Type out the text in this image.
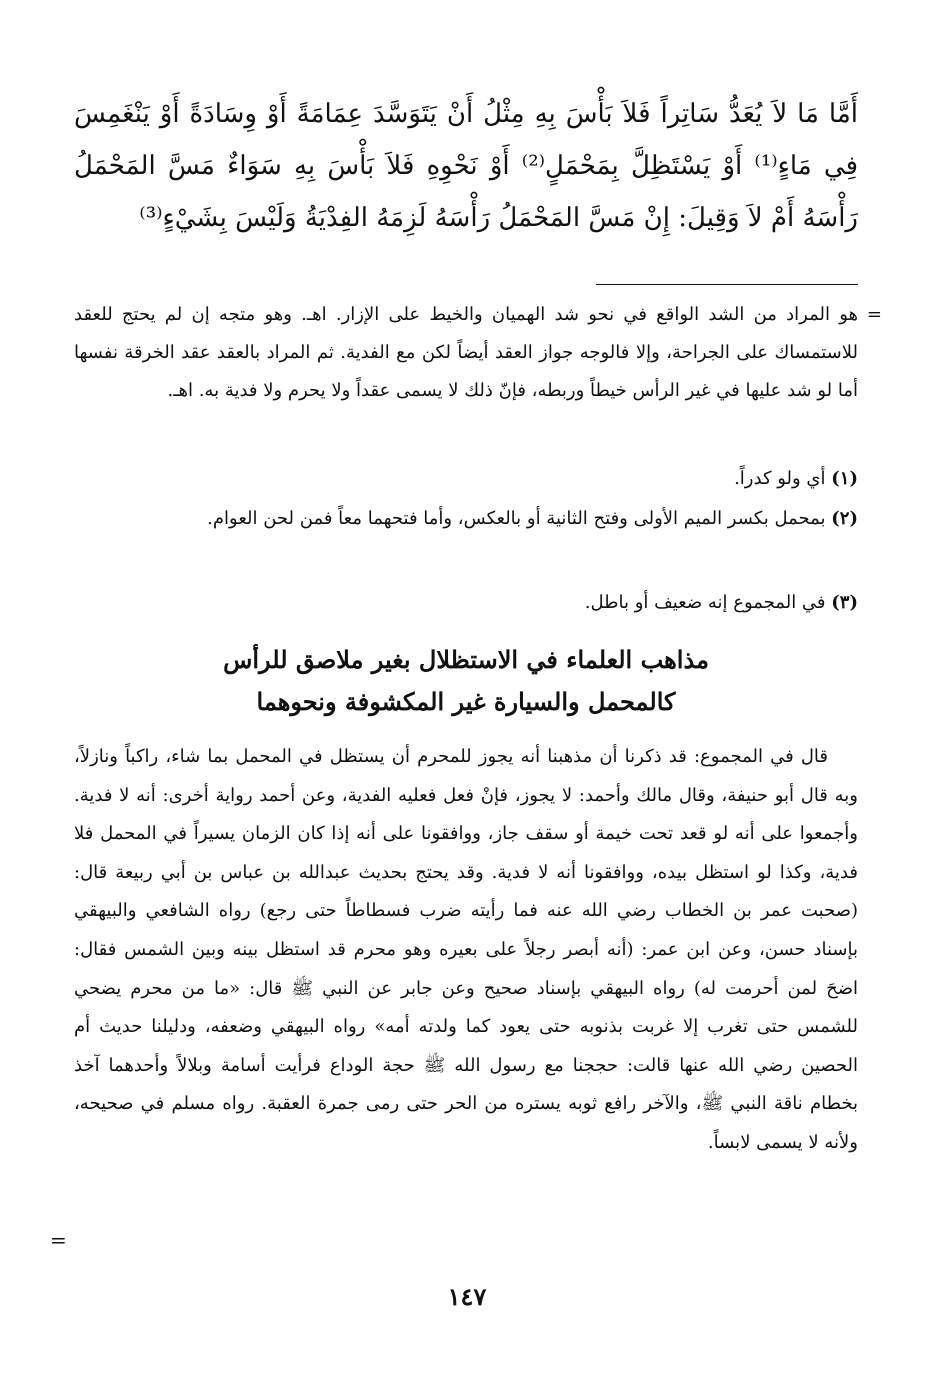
أَمَّا مَا لاَ يُعَدُّ سَاتِراً فَلاَ بَأْسَ بِهِ مِثْلُ أَنْ يَتَوَسَّدَ عِمَامَةً أَوْ وِسَادَةً أَوْ يَنْغَمِسَ فِي مَاءٍ⁽¹⁾ أَوْ يَسْتَظِلَّ بِمَحْمَلٍ⁽²⁾ أَوْ نَحْوِهِ فَلاَ بَأْسَ بِهِ سَوَاءٌ مَسَّ المَحْمَلُ رَأْسَهُ أَمْ لاَ وَقِيلَ: إِنْ مَسَّ المَحْمَلُ رَأْسَهُ لَزِمَهُ الفِدْيَةُ وَلَيْسَ بِشَيْءٍ⁽³⁾
=
هو المراد من الشد الواقع في نحو شد الهميان والخيط على الإزار. اهـ. وهو متجه إن لم يحتج للعقد للاستمساك على الجراحة، وإلا فالوجه جواز العقد أيضاً لكن مع الفدية. ثم المراد بالعقد عقد الخرقة نفسها أما لو شد عليها في غير الرأس خيطاً وربطه، فإنّ ذلك لا يسمى عقداً ولا يحرم ولا فدية به. اهـ.
(١) أي ولو كدراً.
(٢) بمحمل بكسر الميم الأولى وفتح الثانية أو بالعكس، وأما فتحهما معاً فمن لحن العوام.
(٣) في المجموع إنه ضعيف أو باطل.
مذاهب العلماء في الاستظلال بغير ملاصق للرأس
كالمحمل والسيارة غير المكشوفة ونحوهما
قال في المجموع: قد ذكرنا أن مذهبنا أنه يجوز للمحرم أن يستظل في المحمل بما شاء، راكباً ونازلاً، وبه قال أبو حنيفة، وقال مالك وأحمد: لا يجوز، فإنْ فعل فعليه الفدية، وعن أحمد رواية أخرى: أنه لا فدية. وأجمعوا على أنه لو قعد تحت خيمة أو سقف جاز، ووافقونا على أنه إذا كان الزمان يسيراً في المحمل فلا فدية، وكذا لو استظل بيده، ووافقونا أنه لا فدية. وقد يحتج بحديث عبدالله بن عباس بن أبي ربيعة قال: (صحبت عمر بن الخطاب رضي الله عنه فما رأيته ضرب فسطاطاً حتى رجع) رواه الشافعي والبيهقي بإسناد حسن، وعن ابن عمر: (أنه أبصر رجلاً على بعيره وهو محرم قد استظل بينه وبين الشمس فقال: اضحَ لمن أحرمت له) رواه البيهقي بإسناد صحيح وعن جابر عن النبي ﷺ قال: «ما من محرم يضحي للشمس حتى تغرب إلا غربت بذنوبه حتى يعود كما ولدته أمه» رواه البيهقي وضعفه، ودليلنا حديث أم الحصين رضي الله عنها قالت: حججنا مع رسول الله ﷺ حجة الوداع فرأيت أسامة وبلالاً وأحدهما آخذ بخطام ناقة النبي ﷺ، والآخر رافع ثوبه يستره من الحر حتى رمى جمرة العقبة. رواه مسلم في صحيحه، ولأنه لا يسمى لابساً.
=
١٤٧
